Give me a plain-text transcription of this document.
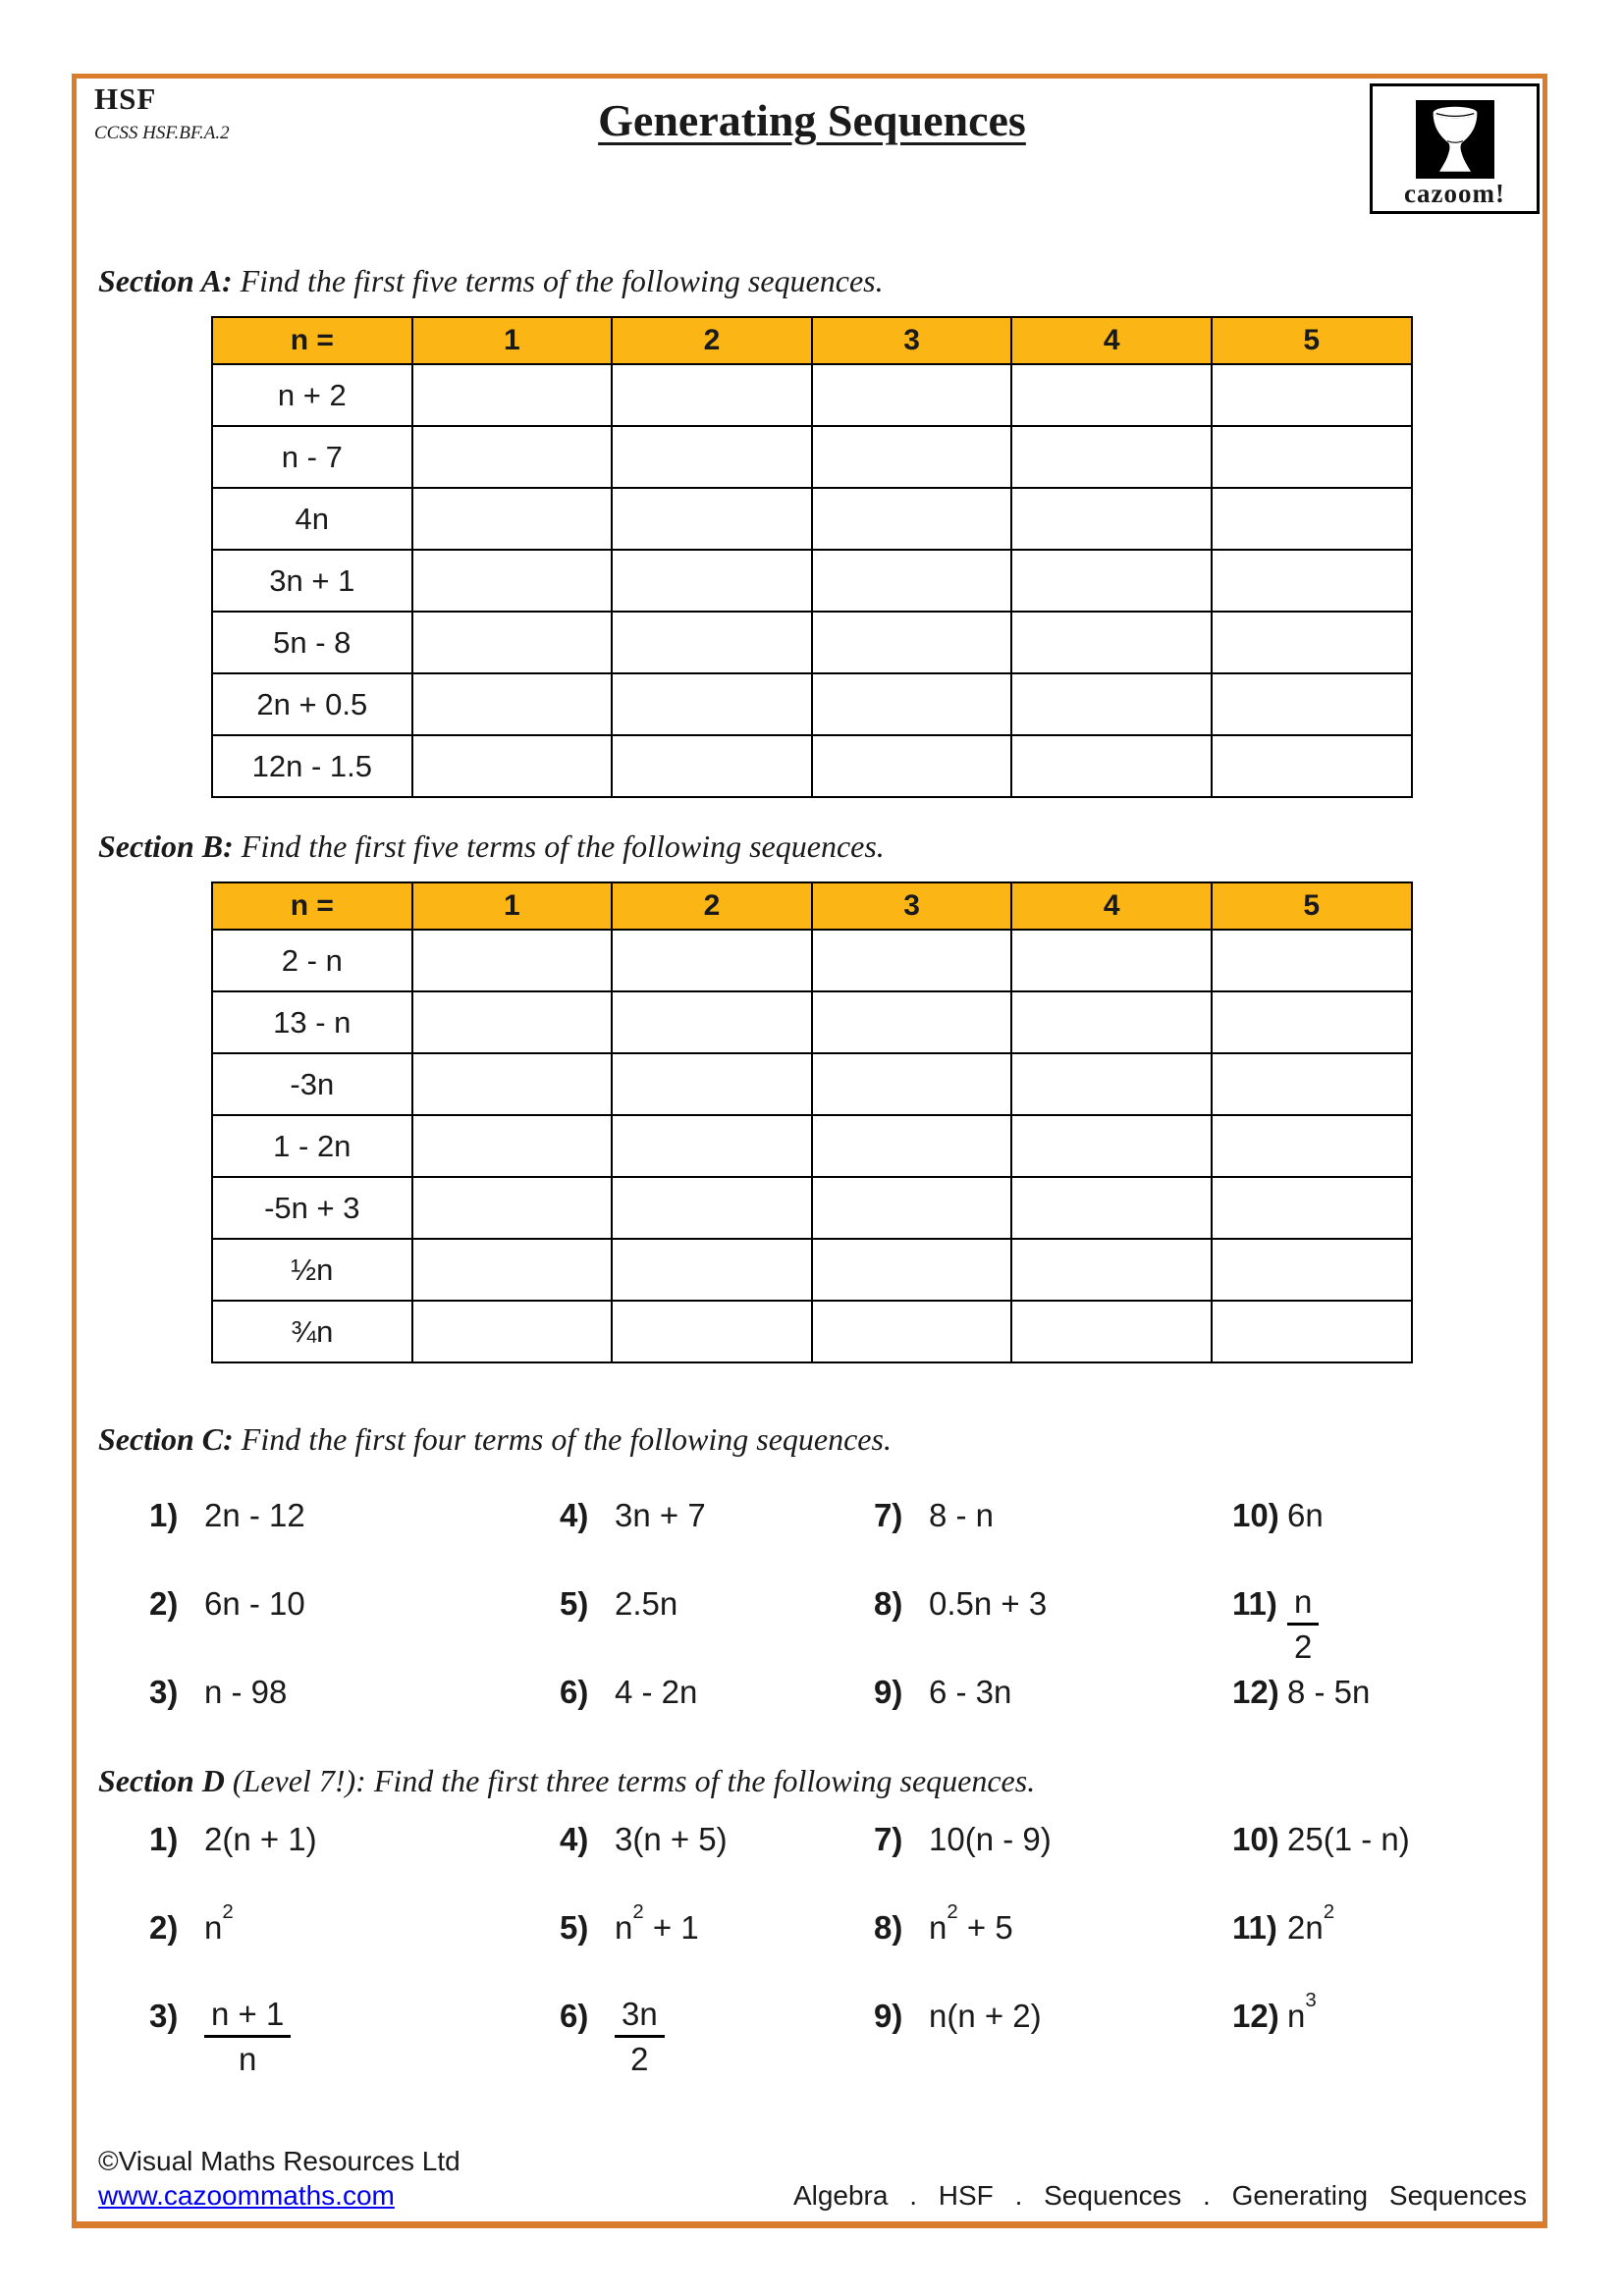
HSF
CCSS HSF.BF.A.2	Generating Sequences
cazoom!
Section A: Find the first five terms of the following sequences.
n =	1	2	3	4	5
n + 2					
n - 7					
4n					
3n + 1					
5n - 8					
2n + 0.5					
12n - 1.5					
Section B: Find the first five terms of the following sequences.
n =	1	2	3	4	5
2 - n					
13 - n					
-3n					
1 - 2n					
-5n + 3					
½n					
¾n					
Section C: Find the first four terms of the following sequences.
1) 2n - 12
2) 6n - 10
3) n - 98
4) 3n + 7
5) 2.5n
6) 4 - 2n
7) 8 - n
8) 0.5n + 3
9) 6 - 3n
10) 6n
11) n
2
12) 8 - 5n
Section D (Level 7!): Find the first three terms of the following sequences.
1) 2(n + 1)
2) $n^2$
3)	n + 1
n
4) 3(n + 5)
5) $n^2 + 1$
6)	3n
2
7) 10(n - 9)
8) $n^2 + 5$
9) n(n + 2)
10) 25(1 - n)
11) $2n^2$
12) $n^3$
©Visual Maths Resources Ltd
www.cazoommaths.com	Algebra . HSF . Sequences . Generating Sequences
